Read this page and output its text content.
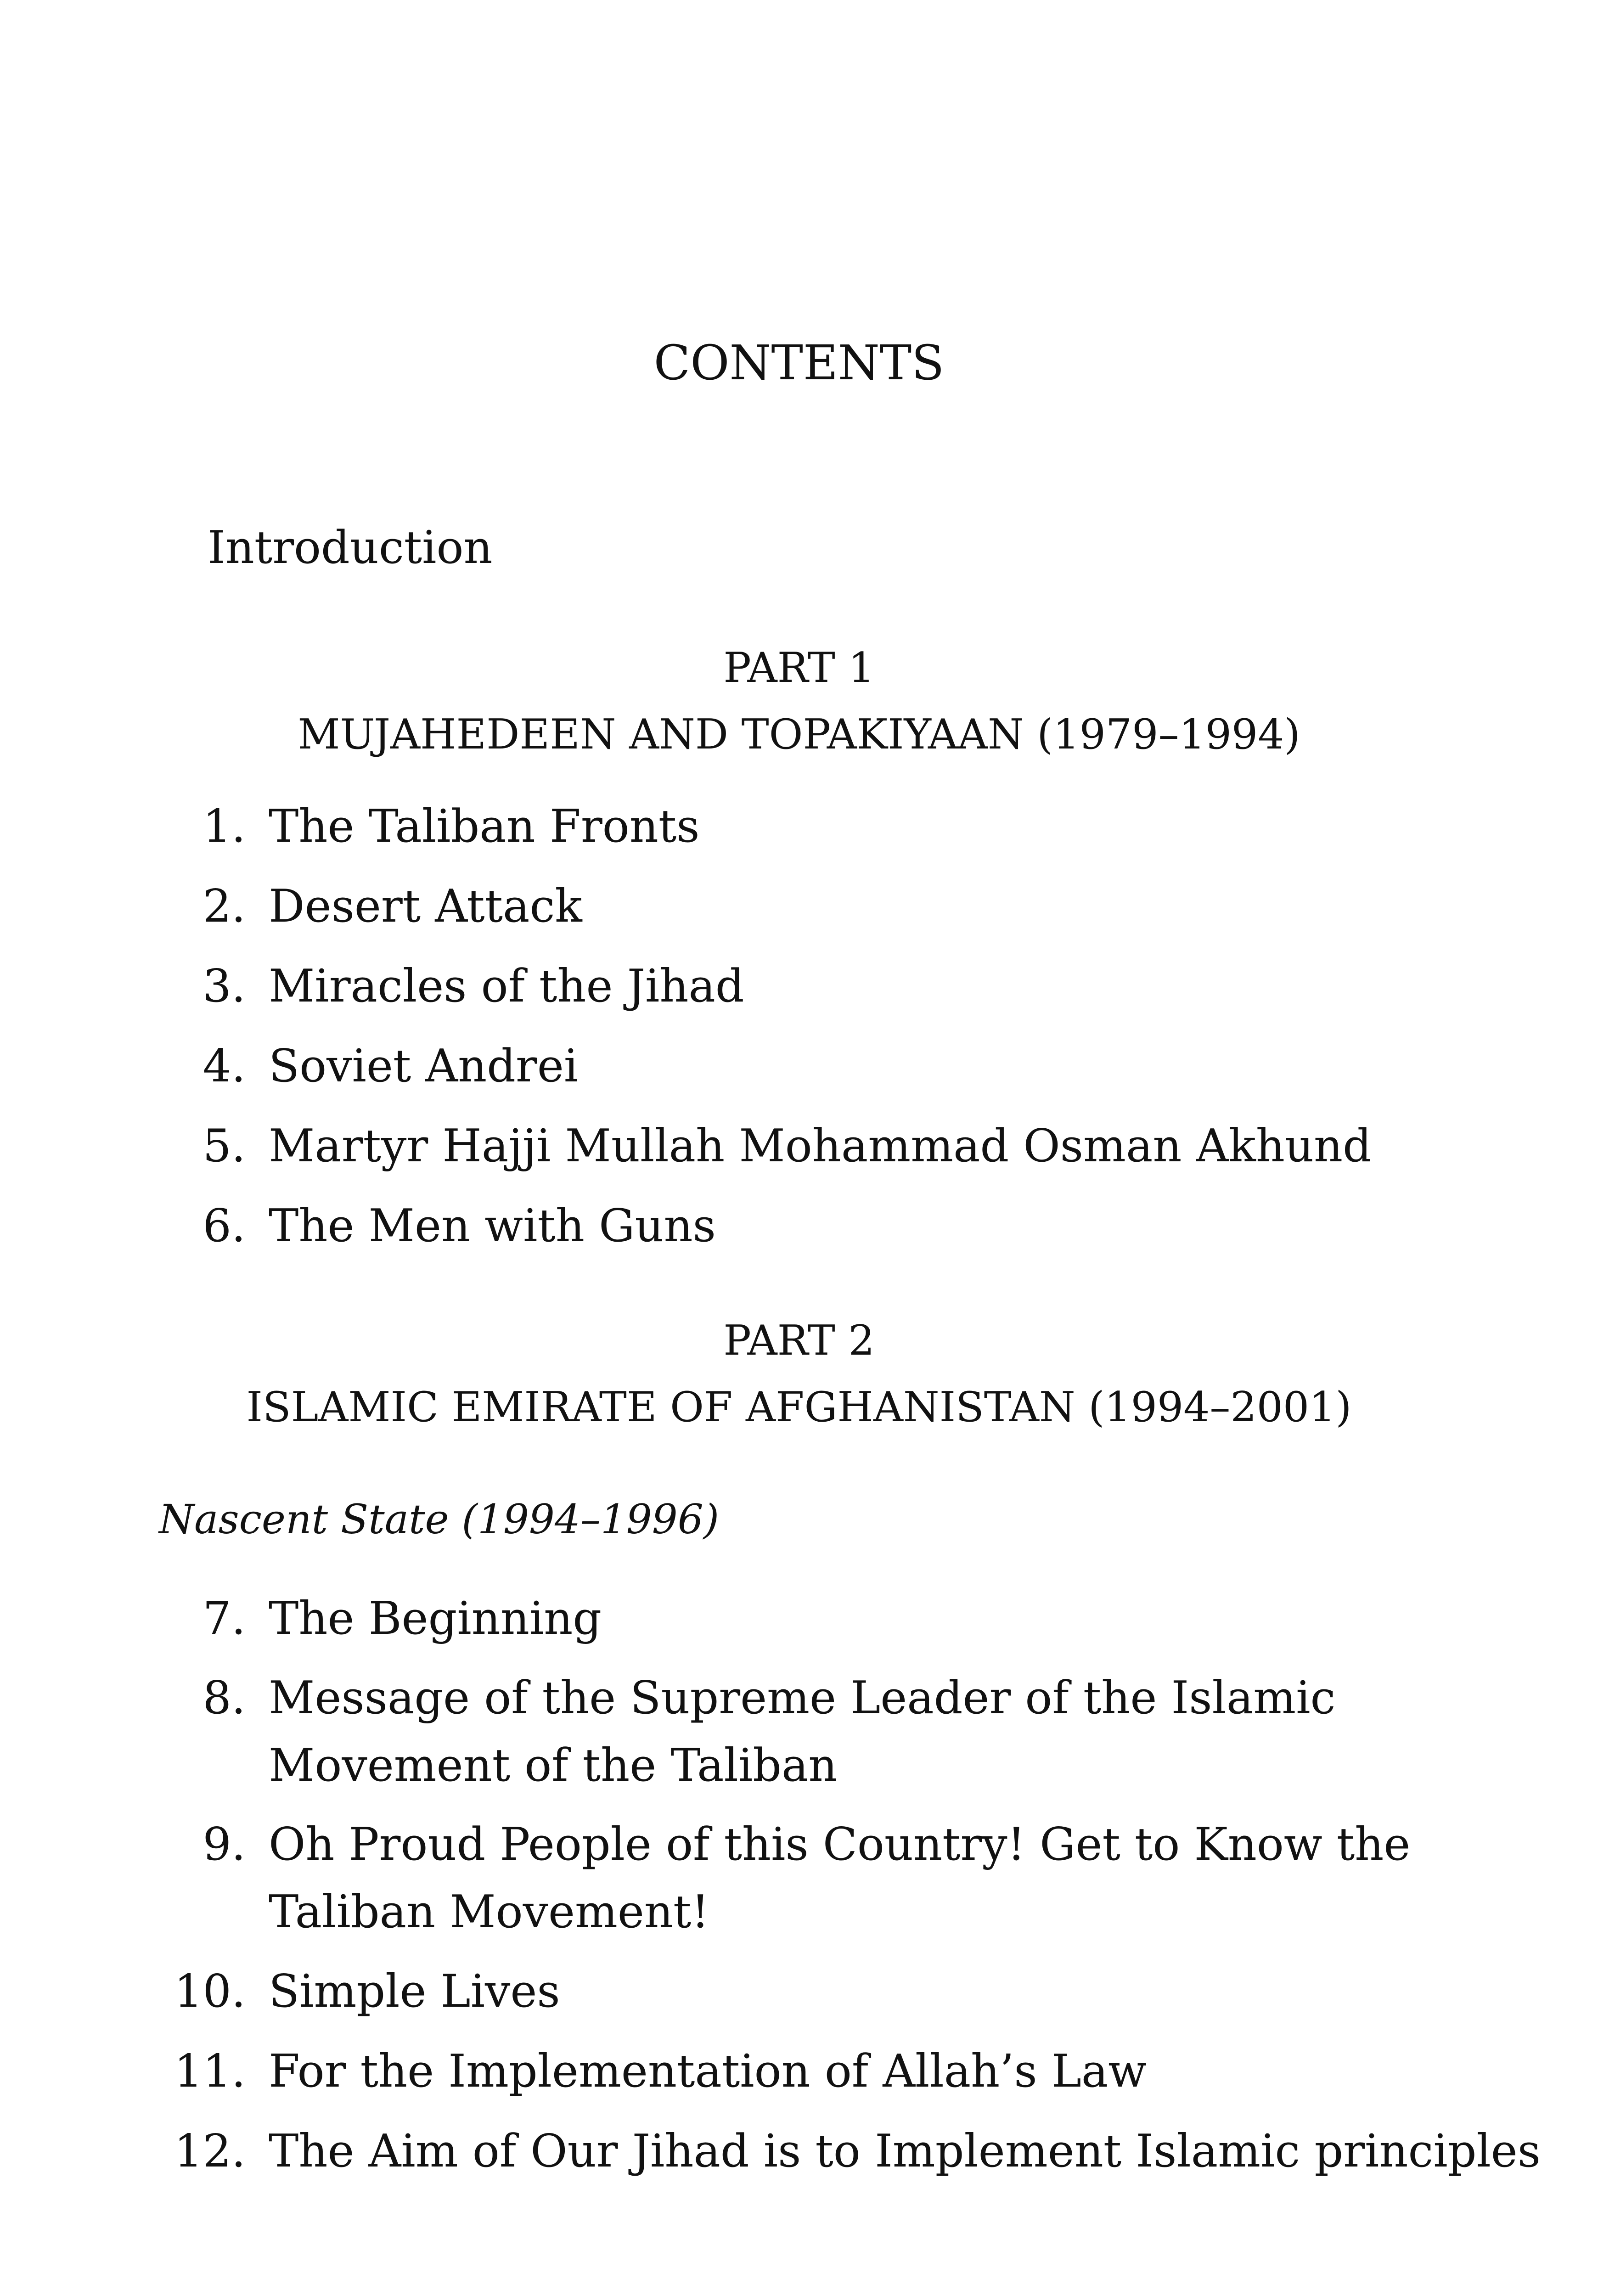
CONTENTS
Introduction
PART 1
MUJAHEDEEN AND TOPAKIYAAN (1979–1994)
1. The Taliban Fronts
2. Desert Attack
3. Miracles of the Jihad
4. Soviet Andrei
5. Martyr Hajji Mullah Mohammad Osman Akhund
6. The Men with Guns
PART 2
ISLAMIC EMIRATE OF AFGHANISTAN (1994–2001)
Nascent State (1994–1996)
7. The Beginning
8. Message of the Supreme Leader of the Islamic
Movement of the Taliban
9. Oh Proud People of this Country! Get to Know the
Taliban Movement!
10. Simple Lives
11. For the Implementation of Allah’s Law
12. The Aim of Our Jihad is to Implement Islamic principles
